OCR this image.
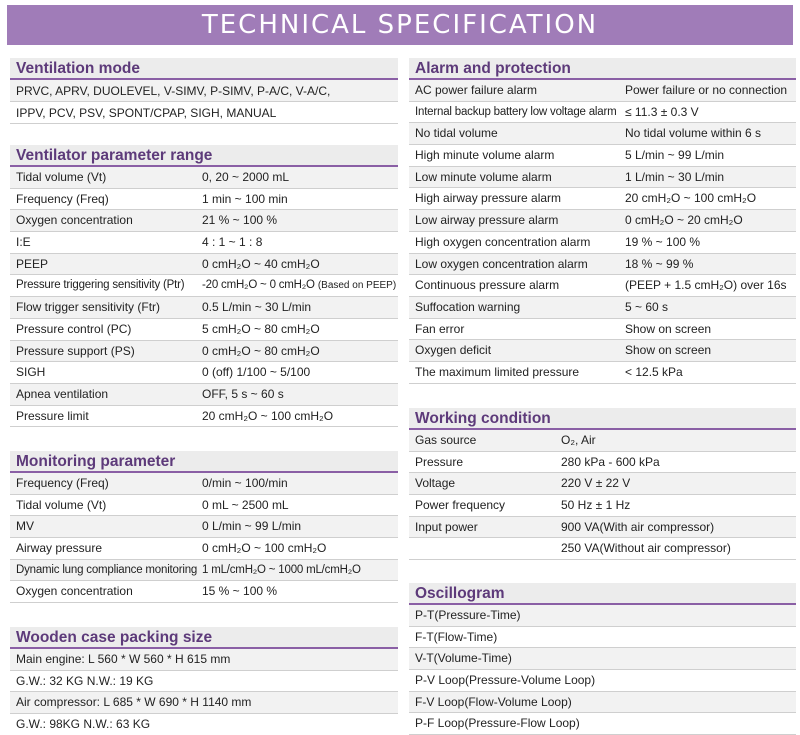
TECHNICAL SPECIFICATION
Ventilation mode
PRVC, APRV, DUOLEVEL, V-SIMV, P-SIMV, P-A/C, V-A/C,
IPPV, PCV, PSV, SPONT/CPAP, SIGH, MANUAL
Ventilator parameter range
Tidal volume (Vt)	0, 20 ~ 2000 mL
Frequency (Freq)	1 min ~ 100 min
Oxygen concentration	21 % ~ 100 %
I:E	4 : 1 ~ 1 : 8
PEEP	0 cmH₂O ~ 40 cmH₂O
Pressure triggering sensitivity (Ptr)	-20 cmH₂O ~ 0 cmH₂O (Based on PEEP)
Flow trigger sensitivity (Ftr)	0.5 L/min ~ 30 L/min
Pressure control (PC)	5 cmH₂O ~ 80 cmH₂O
Pressure support (PS)	0 cmH₂O ~ 80 cmH₂O
SIGH	0 (off) 1/100 ~ 5/100
Apnea ventilation	OFF, 5 s ~ 60 s
Pressure limit	20 cmH₂O ~ 100 cmH₂O
Monitoring parameter
Frequency (Freq)	0/min ~ 100/min
Tidal volume (Vt)	0 mL ~ 2500 mL
MV	0 L/min ~ 99 L/min
Airway pressure	0 cmH₂O ~ 100 cmH₂O
Dynamic lung compliance monitoring 1 mL/cmH₂O ~ 1000 mL/cmH₂O
Oxygen concentration	15 % ~ 100 %
Wooden case packing size
Main engine: L 560 * W 560 * H 615 mm
G.W.: 32 KG N.W.: 19 KG
Air compressor: L 685 * W 690 * H 1140 mm
G.W.: 98KG N.W.: 63 KG
Alarm and protection
AC power failure alarm	Power failure or no connection
Internal backup battery low voltage alarm ≤ 11.3 ± 0.3 V
No tidal volume	No tidal volume within 6 s
High minute volume alarm	5 L/min ~ 99 L/min
Low minute volume alarm	1 L/min ~ 30 L/min
High airway pressure alarm	20 cmH₂O ~ 100 cmH₂O
Low airway pressure alarm	0 cmH₂O ~ 20 cmH₂O
High oxygen concentration alarm	19 % ~ 100 %
Low oxygen concentration alarm	18 % ~ 99 %
Continuous pressure alarm	(PEEP + 1.5 cmH₂O) over 16s
Suffocation warning	5 ~ 60 s
Fan error	Show on screen
Oxygen deficit	Show on screen
The maximum limited pressure	< 12.5 kPa
Working condition
Gas source	O₂, Air
Pressure	280 kPa - 600 kPa
Voltage	220 V ± 22 V
Power frequency	50 Hz ± 1 Hz
Input power	900 VA(With air compressor)
250 VA(Without air compressor)
Oscillogram
P-T(Pressure-Time)
F-T(Flow-Time)
V-T(Volume-Time)
P-V Loop(Pressure-Volume Loop)
F-V Loop(Flow-Volume Loop)
P-F Loop(Pressure-Flow Loop)
